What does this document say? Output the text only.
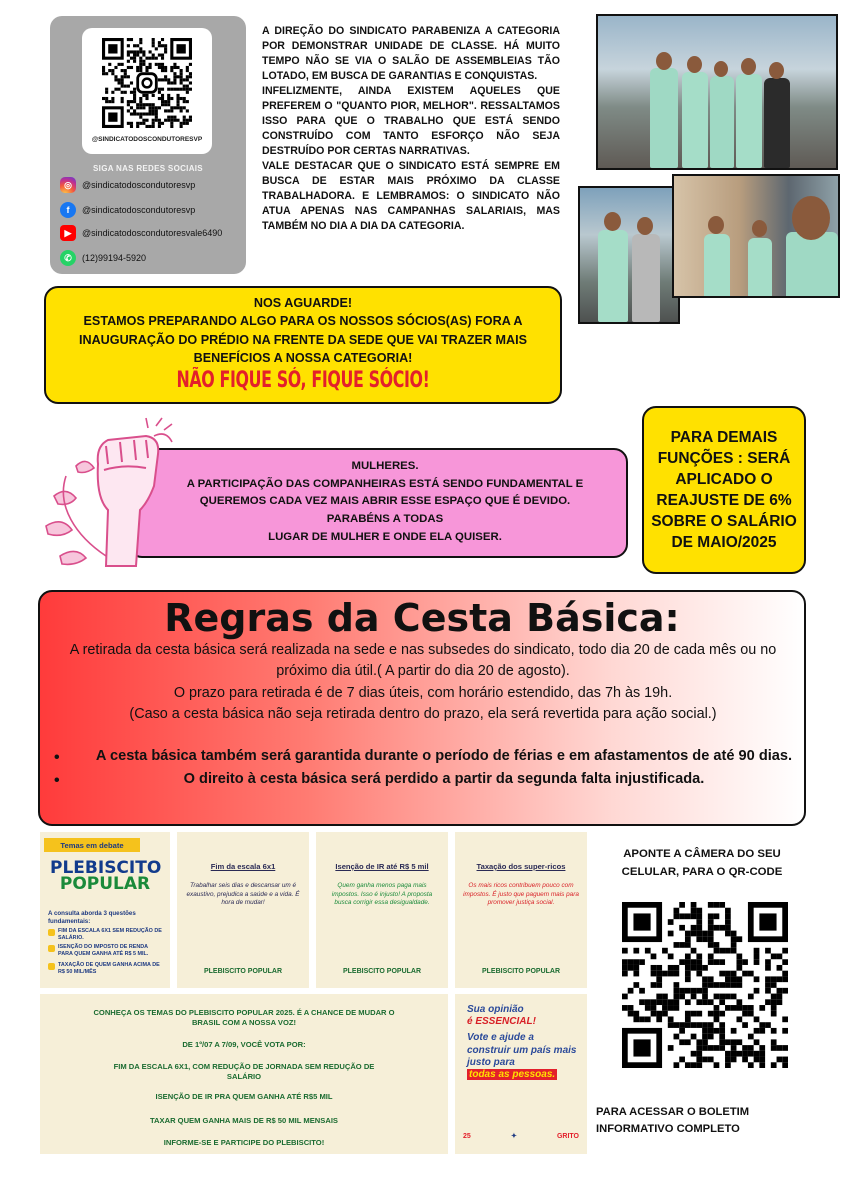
@SINDICATODOSCONDUTORESVP
SIGA NAS REDES SOCIAIS
◎	@sindicatodoscondutoresvp
f	@sindicatodoscondutoresvp
▶	@sindicatodoscondutoresvale6490
✆	(12)99194-5920

A DIREÇÃO DO SINDICATO PARABENIZA A CATEGORIA POR DEMONSTRAR UNIDADE DE CLASSE. HÁ MUITO TEMPO NÃO SE VIA O SALÃO DE ASSEMBLEIAS TÃO LOTADO, EM BUSCA DE GARANTIAS E CONQUISTAS.

INFELIZMENTE, AINDA EXISTEM AQUELES QUE PREFEREM O "QUANTO PIOR, MELHOR". RESSALTAMOS ISSO PARA QUE O TRABALHO QUE ESTÁ SENDO CONSTRUÍDO COM TANTO ESFORÇO NÃO SEJA DESTRUÍDO POR CERTAS NARRATIVAS.

VALE DESTACAR QUE O SINDICATO ESTÁ SEMPRE EM BUSCA DE ESTAR MAIS PRÓXIMO DA CLASSE TRABALHADORA. E LEMBRAMOS: O SINDICATO NÃO ATUA APENAS NAS CAMPANHAS SALARIAIS, MAS TAMBÉM NO DIA A DIA DA CATEGORIA.

NOS AGUARDE!
ESTAMOS PREPARANDO ALGO PARA OS NOSSOS SÓCIOS(AS) FORA A
INAUGURAÇÃO DO PRÉDIO NA FRENTE DA SEDE QUE VAI TRAZER MAIS
BENEFÍCIOS A NOSSA CATEGORIA!
NÃO FIQUE SÓ, FIQUE SÓCIO!
PARA DEMAIS FUNÇÕES : SERÁ APLICADO O REAJUSTE DE 6% SOBRE O SALÁRIO DE MAIO/2025
MULHERES.
A PARTICIPAÇÃO DAS COMPANHEIRAS ESTÁ SENDO FUNDAMENTAL E
QUEREMOS CADA VEZ MAIS ABRIR ESSE ESPAÇO QUE É DEVIDO.
PARABÉNS A TODAS
LUGAR DE MULHER E ONDE ELA QUISER.
Regras da Cesta Básica:
A retirada da cesta básica será realizada na sede e nas subsedes do sindicato, todo dia 20 de cada mês ou no próximo dia útil.( A partir do dia 20 de agosto).
O prazo para retirada é de 7 dias úteis, com horário estendido, das 7h às 19h.
(Caso a cesta básica não seja retirada dentro do prazo, ela será revertida para ação social.)
• A cesta básica também será garantida durante o período de férias e em afastamentos de até 90 dias.
• O direito à cesta básica será perdido a partir da segunda falta injustificada.
Temas em debate
PLEBISCITO
POPULAR
A consulta aborda 3 questões fundamentais:
FIM DA ESCALA 6X1 SEM REDUÇÃO DE SALÁRIO.
ISENÇÃO DO IMPOSTO DE RENDA PARA QUEM GANHA ATÉ R$ 5 MIL.
TAXAÇÃO DE QUEM GANHA ACIMA DE R$ 50 MIL/MÊS
Fim da escala 6x1
Trabalhar seis dias e descansar um é exaustivo, prejudica a saúde e a vida. É hora de mudar!
PLEBISCITO POPULAR
Isenção de IR até R$ 5 mil
Quem ganha menos paga mais impostos. Isso é injusto! A proposta busca corrigir essa desigualdade.
PLEBISCITO POPULAR
Taxação dos super-ricos
Os mais ricos contribuem pouco com impostos. É justo que paguem mais para promover justiça social.
PLEBISCITO POPULAR
CONHEÇA OS TEMAS DO PLEBISCITO POPULAR 2025. É A CHANCE DE MUDAR O BRASIL COM A NOSSA VOZ!
DE 1º/07 A 7/09, VOCÊ VOTA POR:
FIM DA ESCALA 6X1, COM REDUÇÃO DE JORNADA SEM REDUÇÃO DE SALÁRIO
ISENÇÃO DE IR PRA QUEM GANHA ATÉ R$5 MIL
TAXAR QUEM GANHA MAIS DE R$ 50 MIL MENSAIS
INFORME-SE E PARTICIPE DO PLEBISCITO!
Sua opinião
é ESSENCIAL!
Vote e ajude a construir um país mais justo para
todas as pessoas.
25	✦	GRITO
APONTE A CÂMERA DO SEU CELULAR, PARA O QR-CODE
PARA ACESSAR O BOLETIM INFORMATIVO COMPLETO
